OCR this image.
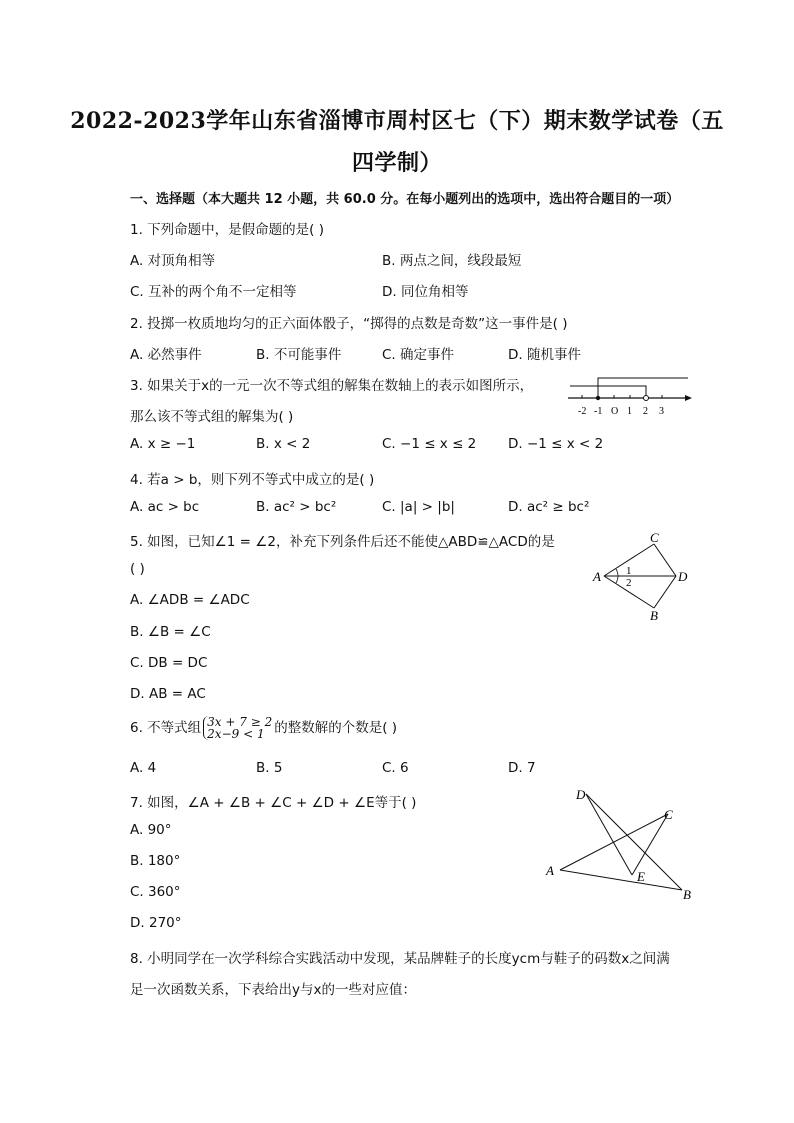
2022-2023学年山东省淄博市周村区七（下）期末数学试卷（五
四学制）
一、选择题（本大题共 12 小题，共 60.0 分。在每小题列出的选项中，选出符合题目的一项）
1. 下列命题中，是假命题的是( )
A. 对顶角相等	B. 两点之间，线段最短
C. 互补的两个角不一定相等	D. 同位角相等
2. 投掷一枚质地均匀的正六面体骰子，“掷得的点数是奇数”这一事件是( )
A. 必然事件	B. 不可能事件	C. 确定事件	D. 随机事件
3. 如果关于x的一元一次不等式组的解集在数轴上的表示如图所示，
那么该不等式组的解集为( )	-2 -1 O 1 2 3
A. x ≥ −1	B. x < 2	C. −1 ≤ x ≤ 2 D. −1 ≤ x < 2
4. 若a > b，则下列不等式中成立的是( )
A. ac > bc	B. ac² > bc²	C. |a| > |b|	D. ac² ≥ bc²
5. 如图，已知∠1 = ∠2，补充下列条件后还不能使△ABD≌△ACD的是
( )	A
C
D
B
1
2
A. ∠ADB = ∠ADC
B. ∠B = ∠C
C. DB = DC
D. AB = AC
6. 不等式组 3x + 7 ≥ 2
2x−9 < 1 的整数解的个数是( )
A. 4	B. 5	C. 6	D. 7
7. 如图，∠A + ∠B + ∠C + ∠D + ∠E等于( )
D
C
A	E
B
A. 90°
B. 180°
C. 360°
D. 270°
8. 小明同学在一次学科综合实践活动中发现，某品牌鞋子的长度ycm与鞋子的码数x之间满
足一次函数关系，下表给出y与x的一些对应值：
